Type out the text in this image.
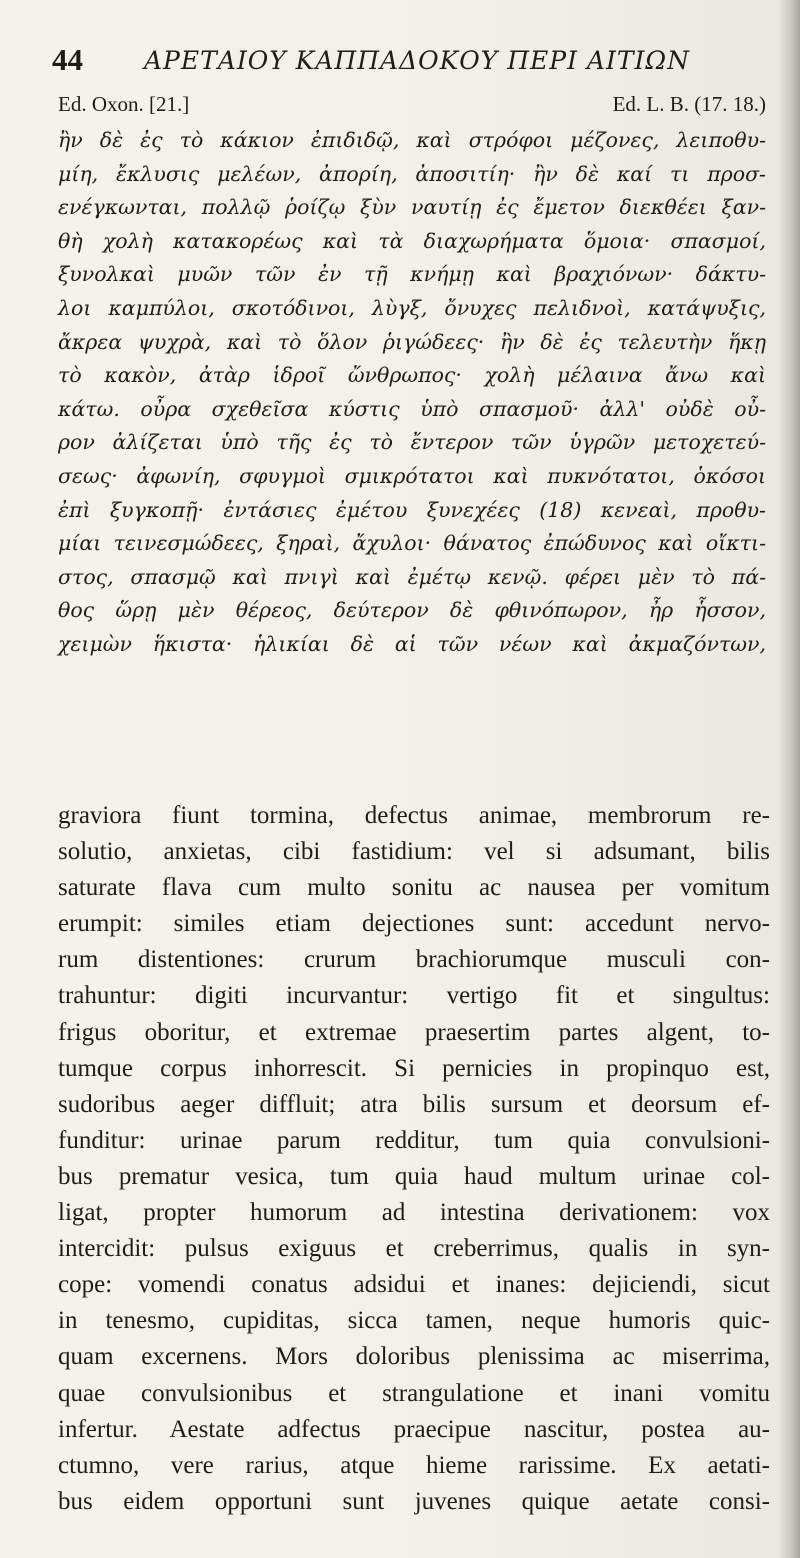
44 ΑΡΕΤΑΙΟΥ ΚΑΠΠΑΔΟΚΟΥ ΠΕΡΙ ΑΙΤΙΩΝ
Ed. Oxon. [21.]	Ed. L. B. (17. 18.)
ἢν δὲ ἐς τὸ κάκιον ἐπιδιδῷ, καὶ στρόφοι μέζονες, λειποθυ-
μίη, ἔκλυσις μελέων, ἀπορίη, ἀποσιτίη· ἢν δὲ καί τι προσ-
ενέγκωνται, πολλῷ ῥοίζῳ ξὺν ναυτίῃ ἐς ἔμετον διεκθέει ξαν-
θὴ χολὴ κατακορέως καὶ τὰ διαχωρήματα ὅμοια· σπασμοί,
ξυνολκαὶ μυῶν τῶν ἐν τῇ κνήμῃ καὶ βραχιόνων· δάκτυ-
λοι καμπύλοι, σκοτόδινοι, λὺγξ, ὄνυχες πελιδνοὶ, κατάψυξις,
ἄκρεα ψυχρὰ, καὶ τὸ ὅλον ῥιγώδεες· ἢν δὲ ἐς τελευτὴν ἥκῃ
τὸ κακὸν, ἀτὰρ ἱδροῖ ὤνθρωπος· χολὴ μέλαινα ἄνω καὶ
κάτω. οὖρα σχεθεῖσα κύστις ὑπὸ σπασμοῦ· ἀλλ' οὐδὲ οὖ-
ρον ἀλίζεται ὑπὸ τῆς ἐς τὸ ἔντερον τῶν ὑγρῶν μετοχετεύ-
σεως· ἀφωνίη, σφυγμοὶ σμικρότατοι καὶ πυκνότατοι, ὁκόσοι
ἐπὶ ξυγκοπῇ· ἐντάσιες ἐμέτου ξυνεχέες (18) κενεαὶ, προθυ-
μίαι τεινεσμώδεες, ξηραὶ, ἄχυλοι· θάνατος ἐπώδυνος καὶ οἴκτι-
στος, σπασμῷ καὶ πνιγὶ καὶ ἐμέτῳ κενῷ. φέρει μὲν τὸ πά-
θος ὥρῃ μὲν θέρεος, δεύτερον δὲ φθινόπωρον, ἦρ ἧσσον,
χειμὼν ἥκιστα· ἡλικίαι δὲ αἱ τῶν νέων καὶ ἀκμαζόντων,
graviora fiunt tormina, defectus animae, membrorum re-
solutio, anxietas, cibi fastidium: vel si adsumant, bilis
saturate flava cum multo sonitu ac nausea per vomitum
erumpit: similes etiam dejectiones sunt: accedunt nervo-
rum distentiones: crurum brachiorumque musculi con-
trahuntur: digiti incurvantur: vertigo fit et singultus:
frigus oboritur, et extremae praesertim partes algent, to-
tumque corpus inhorrescit. Si pernicies in propinquo est,
sudoribus aeger diffluit; atra bilis sursum et deorsum ef-
funditur: urinae parum redditur, tum quia convulsioni-
bus prematur vesica, tum quia haud multum urinae col-
ligat, propter humorum ad intestina derivationem: vox
intercidit: pulsus exiguus et creberrimus, qualis in syn-
cope: vomendi conatus adsidui et inanes: dejiciendi, sicut
in tenesmo, cupiditas, sicca tamen, neque humoris quic-
quam excernens. Mors doloribus plenissima ac miserrima,
quae convulsionibus et strangulatione et inani vomitu
infertur. Aestate adfectus praecipue nascitur, postea au-
ctumno, vere rarius, atque hieme rarissime. Ex aetati-
bus eidem opportuni sunt juvenes quique aetate consi-
